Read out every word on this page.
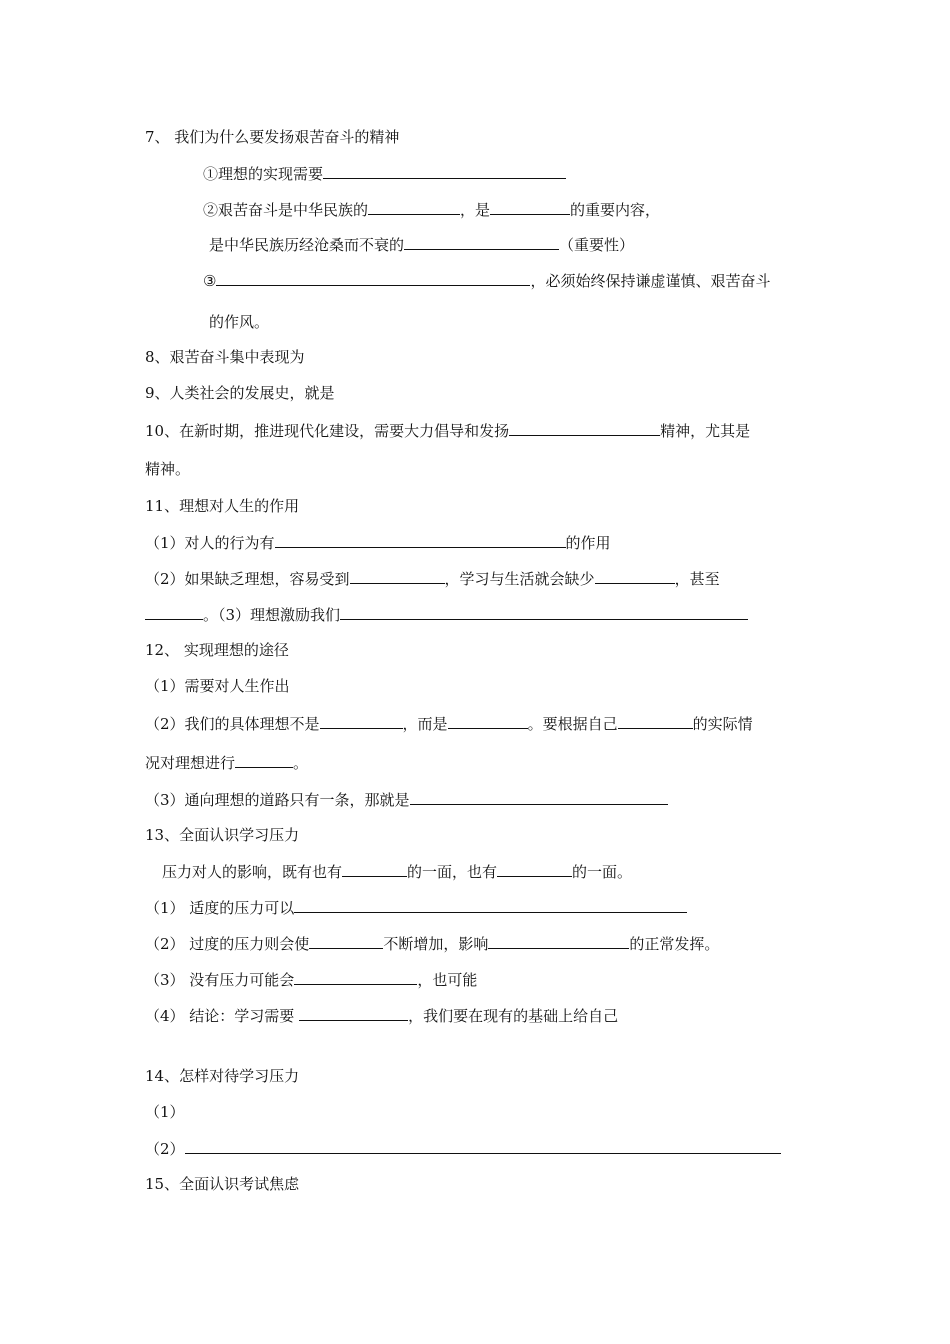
7、 我们为什么要发扬艰苦奋斗的精神
①理想的实现需要
②艰苦奋斗是中华民族的	，是	的重要内容，
是中华民族历经沧桑而不衰的	（重要性）
③	，必须始终保持谦虚谨慎、艰苦奋斗
的作风。
8、艰苦奋斗集中表现为
9、人类社会的发展史，就是
10、在新时期，推进现代化建设，需要大力倡导和发扬	精神，尤其是
精神。
11、理想对人生的作用
（1）对人的行为有	的作用
（2）如果缺乏理想，容易受到	，学习与生活就会缺少	，甚至
。（3）理想激励我们
12、 实现理想的途径
（1）需要对人生作出
（2）我们的具体理想不是	，而是	。要根据自己	的实际情
况对理想进行	。
（3）通向理想的道路只有一条，那就是
13、全面认识学习压力
压力对人的影响，既有也有	的一面，也有	的一面。
（1） 适度的压力可以
（2） 过度的压力则会使	不断增加，影响	的正常发挥。
（3） 没有压力可能会	，也可能
（4） 结论：学习需要	，我们要在现有的基础上给自己
14、怎样对待学习压力
（1）
（2）
15、全面认识考试焦虑
